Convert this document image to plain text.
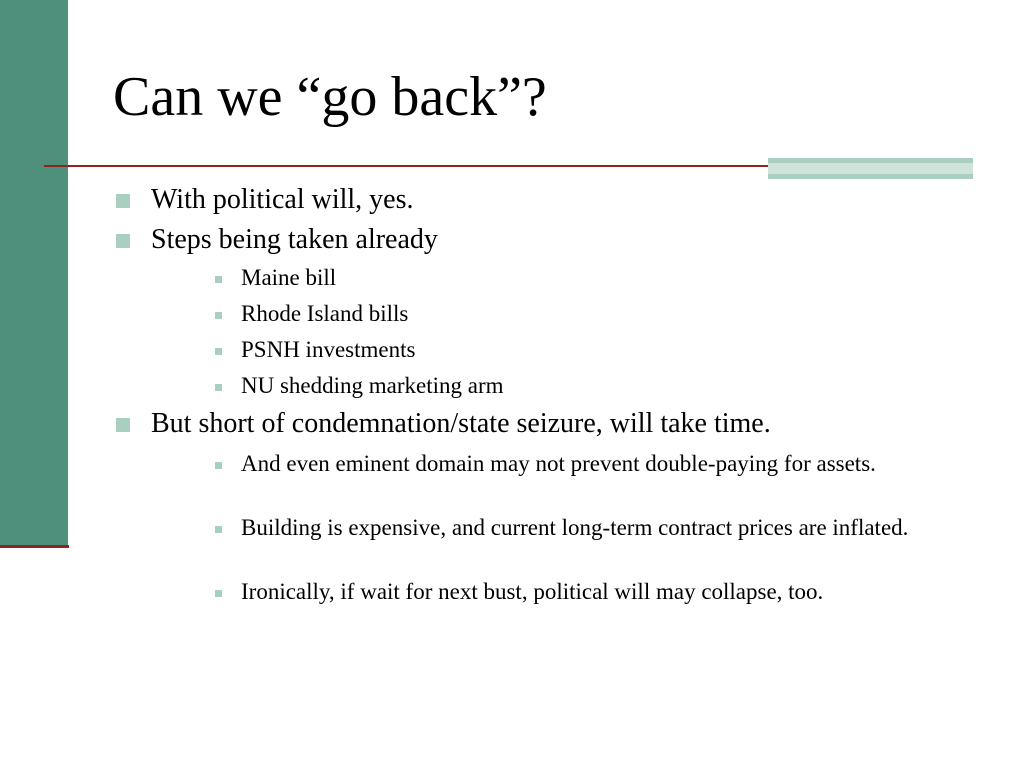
Can we “go back”?
With political will, yes.
Steps being taken already
Maine bill
Rhode Island bills
PSNH investments
NU shedding marketing arm
But short of condemnation/state seizure, will take time.
And even eminent domain may not prevent double-paying for assets.
Building is expensive, and current long-term contract prices are inflated.
Ironically, if wait for next bust, political will may collapse, too.
